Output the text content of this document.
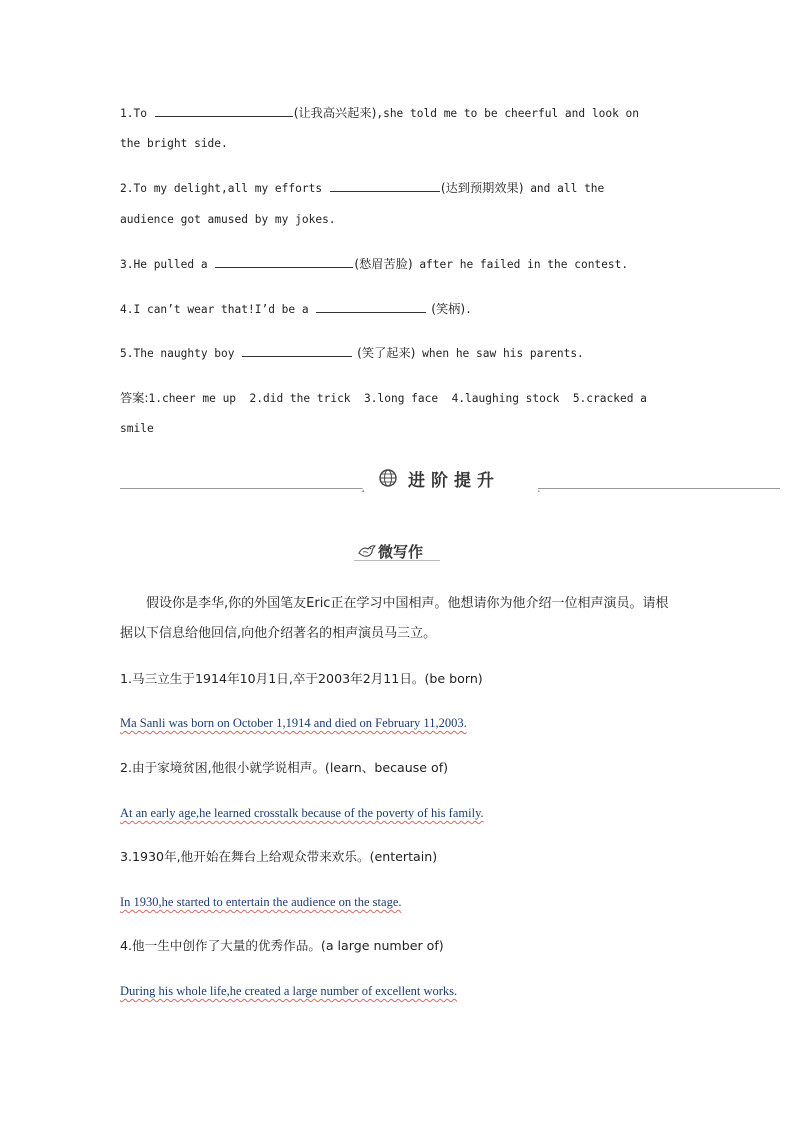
1.To	(让我高兴起来),she told me to be cheerful and look on
the bright side.
2.To my delight,all my efforts	(达到预期效果) and all the
audience got amused by my jokes.
3.He pulled a	(愁眉苦脸) after he failed in the contest.
4.I can’t wear that!I’d be a	(笑柄).
5.The naughty boy	(笑了起来) when he saw his parents.
答案:1.cheer me up  2.did the trick  3.long face  4.laughing stock  5.cracked a
smile
进阶提升
微写作
假设你是李华,你的外国笔友Eric正在学习中国相声。他想请你为他介绍一位相声演员。请根据以下信息给他回信,向他介绍著名的相声演员马三立。
1.马三立生于1914年10月1日,卒于2003年2月11日。(be born)
Ma Sanli was born on October 1,1914 and died on February 11,2003.
2.由于家境贫困,他很小就学说相声。(learn、because of)
At an early age,he learned crosstalk because of the poverty of his family.
3.1930年,他开始在舞台上给观众带来欢乐。(entertain)
In 1930,he started to entertain the audience on the stage.
4.他一生中创作了大量的优秀作品。(a large number of)
During his whole life,he created a large number of excellent works.
